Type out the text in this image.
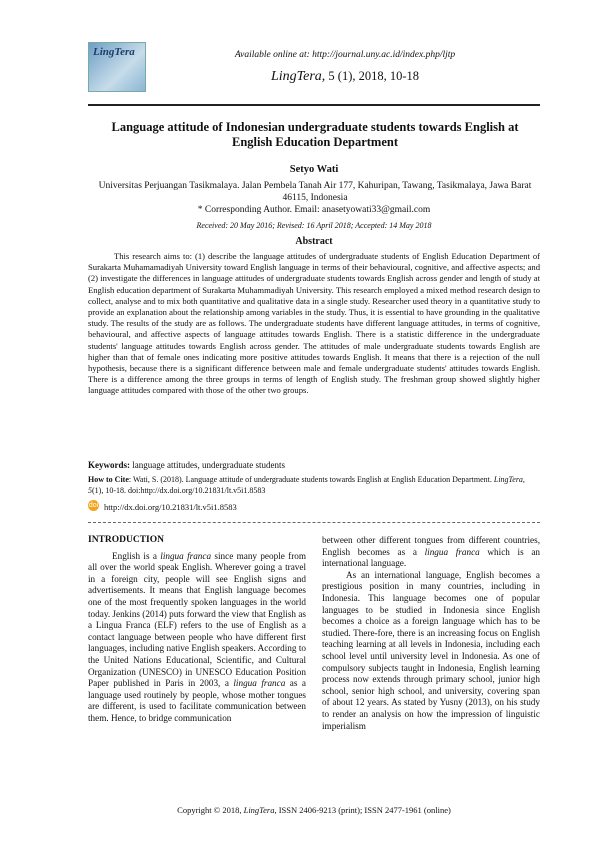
LingTera	Available online at: http://journal.uny.ac.id/index.php/ljtp
LingTera, 5 (1), 2018, 10-18
Language attitude of Indonesian undergraduate students towards English at English Education Department
Setyo Wati
Universitas Perjuangan Tasikmalaya. Jalan Pembela Tanah Air 177, Kahuripan, Tawang, Tasikmalaya, Jawa Barat 46115, Indonesia
* Corresponding Author. Email: anasetyowati33@gmail.com
Received: 20 May 2016; Revised: 16 April 2018; Accepted: 14 May 2018
Abstract
This research aims to: (1) describe the language attitudes of undergraduate students of English Education Department of Surakarta Muhamamadiyah University toward English language in terms of their behavioural, cognitive, and affective aspects; and (2) investigate the differences in language attitudes of undergraduate students towards English across gender and length of study at English education department of Surakarta Muhammadiyah University. This research employed a mixed method research design to collect, analyse and to mix both quantitative and qualitative data in a single study. Researcher used theory in a quantitative study to provide an explanation about the relationship among variables in the study. Thus, it is essential to have grounding in the qualitative study. The results of the study are as follows. The undergraduate students have different language attitudes, in terms of cognitive, behavioural, and affective aspects of language attitudes towards English. There is a statistic difference in the undergraduate students' language attitudes towards English across gender. The attitudes of male undergraduate students towards English are higher than that of female ones indicating more positive attitudes towards English. It means that there is a rejection of the null hypothesis, because there is a significant difference between male and female undergraduate students' attitudes towards English. There is a difference among the three groups in terms of length of English study. The freshman group showed slightly higher language attitudes compared with those of the other two groups.
Keywords: language attitudes, undergraduate students
How to Cite: Wati, S. (2018). Language attitude of undergraduate students towards English at English Education Department. LingTera, 5(1), 10-18. doi:http://dx.doi.org/10.21831/lt.v5i1.8583
doi http://dx.doi.org/10.21831/lt.v5i1.8583
INTRODUCTION

English is a lingua franca since many people from all over the world speak English. Wherever going a travel in a foreign city, people will see English signs and advertisements. It means that English language becomes one of the most frequently spoken languages in the world today. Jenkins (2014) puts forward the view that English as a Lingua Franca (ELF) refers to the use of English as a contact language between people who have different first languages, including native English speakers. According to the United Nations Educational, Scientific, and Cultural Organization (UNESCO) in UNESCO Education Position Paper published in Paris in 2003, a lingua franca as a language used routinely by people, whose mother tongues are different, is used to facilitate communication between them. Hence, to bridge communication

between other different tongues from different countries, English becomes as a lingua franca which is an international language.

As an international language, English becomes a prestigious position in many countries, including in Indonesia. This language becomes one of popular languages to be studied in Indonesia since English becomes a choice as a foreign language which has to be studied. There-fore, there is an increasing focus on English teaching learning at all levels in Indonesia, including each school level until university level in Indonesia. As one of compulsory subjects taught in Indonesia, English learning process now extends through primary school, junior high school, senior high school, and university, covering span of about 12 years. As stated by Yusny (2013), on his study to render an analysis on how the impression of linguistic imperialism

Copyright © 2018, LingTera, ISSN 2406-9213 (print); ISSN 2477-1961 (online)
